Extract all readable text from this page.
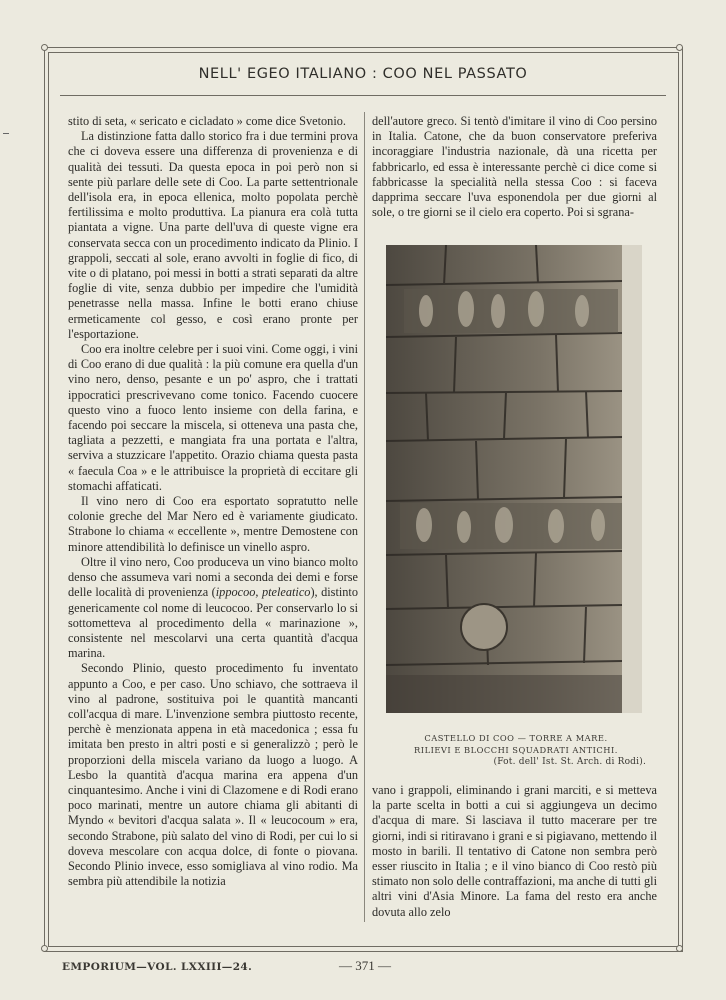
NELL' EGEO ITALIANO : COO NEL PASSATO

stito di seta, « sericato e cicladato » come dice Svetonio.

La distinzione fatta dallo storico fra i due termini prova che ci doveva essere una differenza di provenienza e di qualità dei tessuti. Da questa epoca in poi però non si sente più parlare delle sete di Coo. La parte settentrionale dell'isola era, in epoca ellenica, molto popolata perchè fertilissima e molto produttiva. La pianura era colà tutta piantata a vigne. Una parte dell'uva di queste vigne era conservata secca con un procedimento indicato da Plinio. I grappoli, seccati al sole, erano avvolti in foglie di fico, di vite o di platano, poi messi in botti a strati separati da altre foglie di vite, senza dubbio per impedire che l'umidità penetrasse nella massa. Infine le botti erano chiuse ermeticamente col gesso, e così erano pronte per l'esportazione.

Coo era inoltre celebre per i suoi vini. Come oggi, i vini di Coo erano di due qualità : la più comune era quella d'un vino nero, denso, pesante e un po' aspro, che i trattati ippocratici prescrivevano come tonico. Facendo cuocere questo vino a fuoco lento insieme con della farina, e facendo poi seccare la miscela, si otteneva una pasta che, tagliata a pezzetti, e mangiata fra una portata e l'altra, serviva a stuzzicare l'appetito. Orazio chiama questa pasta « faecula Coa » e le attribuisce la proprietà di eccitare gli stomachi affaticati.

Il vino nero di Coo era esportato sopratutto nelle colonie greche del Mar Nero ed è variamente giudicato. Strabone lo chiama « eccellente », mentre Demostene con minore attendibilità lo definisce un vinello aspro.

Oltre il vino nero, Coo produceva un vino bianco molto denso che assumeva vari nomi a seconda dei demi e forse delle località di provenienza (ippocoo, pteleatico), distinto genericamente col nome di leucocoo. Per conservarlo lo si sottometteva al procedimento della « marinazione », consistente nel mescolarvi una certa quantità d'acqua marina.

Secondo Plinio, questo procedimento fu inventato appunto a Coo, e per caso. Uno schiavo, che sottraeva il vino al padrone, sostituiva poi le quantità mancanti coll'acqua di mare. L'invenzione sembra piuttosto recente, perchè è menzionata appena in età macedonica ; essa fu imitata ben presto in altri posti e si generalizzò ; però le proporzioni della miscela variano da luogo a luogo. A Lesbo la quantità d'acqua marina era appena d'un cinquantesimo. Anche i vini di Clazomene e di Rodi erano poco marinati, mentre un autore chiama gli abitanti di Myndo « bevitori d'acqua salata ». Il « leucocoum » era, secondo Strabone, più salato del vino di Rodi, per cui lo si doveva mescolare con acqua dolce, di fonte o piovana. Secondo Plinio invece, esso somigliava al vino rodio. Ma sembra più attendibile la notizia

dell'autore greco. Si tentò d'imitare il vino di Coo persino in Italia. Catone, che da buon conservatore preferiva incoraggiare l'industria nazionale, dà una ricetta per fabbricarlo, ed essa è interessante perchè ci dice come si fabbricasse la specialità nella stessa Coo : si faceva dapprima seccare l'uva esponendola per due giorni al sole, o tre giorni se il cielo era coperto. Poi si sgrana-

CASTELLO DI COO — TORRE A MARE.
RILIEVI E BLOCCHI SQUADRATI ANTICHI.
(Fot. dell' Ist. St. Arch. di Rodi).

vano i grappoli, eliminando i grani marciti, e si metteva la parte scelta in botti a cui si aggiungeva un decimo d'acqua di mare. Si lasciava il tutto macerare per tre giorni, indi si ritiravano i grani e si pigiavano, mettendo il mosto in barili. Il tentativo di Catone non sembra però esser riuscito in Italia ; e il vino bianco di Coo restò più stimato non solo delle contraffazioni, ma anche di tutti gli altri vini d'Asia Minore. La fama del resto era anche dovuta allo zelo

EMPORIUM—VOL. LXXIII—24.	— 371 —
